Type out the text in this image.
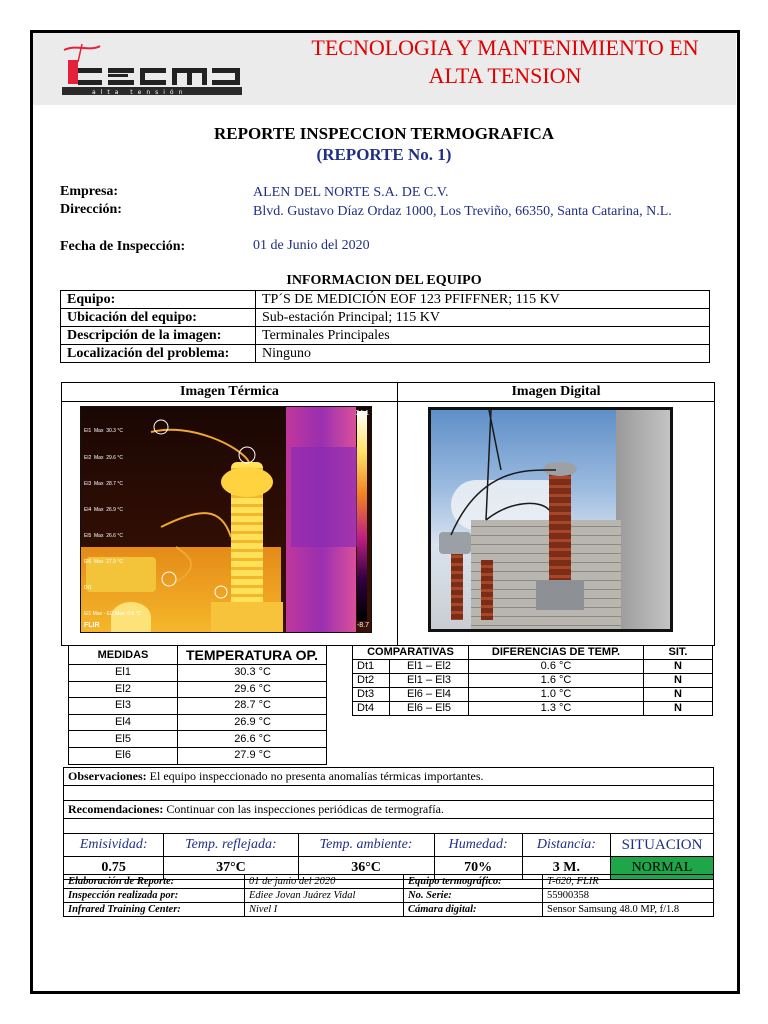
alta tensión
TECNOLOGIA Y MANTENIMIENTO EN
ALTA TENSION
REPORTE INSPECCION TERMOGRAFICA
(REPORTE No. 1)
Empresa:	ALEN DEL NORTE S.A. DE C.V.
Dirección:	Blvd. Gustavo Díaz Ordaz 1000, Los Treviño, 66350, Santa Catarina, N.L.
Fecha de Inspección:	01 de Junio del 2020
INFORMACION DEL EQUIPO
Equipo:	TP´S DE MEDICIÓN EOF 123 PFIFFNER; 115 KV
Ubicación del equipo:	Sub-estación Principal; 115 KV
Descripción de la imagen:	Terminales Principales
Localización del problema:	Ninguno
Imagen Térmica	Imagen Digital
34.1
-8.7
FLIR

El1  Max  30.3 °C

El2  Max  29.6 °C

El3  Max  28.7 °C

El4  Max  26.9 °C

El5  Max  26.6 °C

El6  Max  27.9 °C

Dt1

El1 Max - El2 Max  0.6 °C

MEDIDAS	TEMPERATURA OP.
El1	30.3 °C
El2	29.6 °C
El3	28.7 °C
El4	26.9 °C
El5	26.6 °C
El6	27.9 °C
COMPARATIVAS		DIFERENCIAS DE TEMP.	SIT.
Dt1	El1 – El2	0.6 °C	N
Dt2	El1 – El3	1.6 °C	N
Dt3	El6 – El4	1.0 °C	N
Dt4	El6 – El5	1.3 °C	N
Observaciones: El equipo inspeccionado no presenta anomalías térmicas importantes.
Recomendaciones: Continuar con las inspecciones periódicas de termografía.
Emisividad:	Temp. reflejada:	Temp. ambiente:	Humedad:	Distancia:	SITUACION
0.75	37°C	36°C	70%	3 M.	NORMAL
Elaboración de Reporte:	01 de junio del 2020	Equipo termográfico:	T-620, FLIR
Inspección realizada por:	Ediee Jovan Juárez Vidal	No. Serie:	55900358
Infrared Training Center:	Nivel I	Cámara digital:	Sensor Samsung 48.0 MP, f/1.8
